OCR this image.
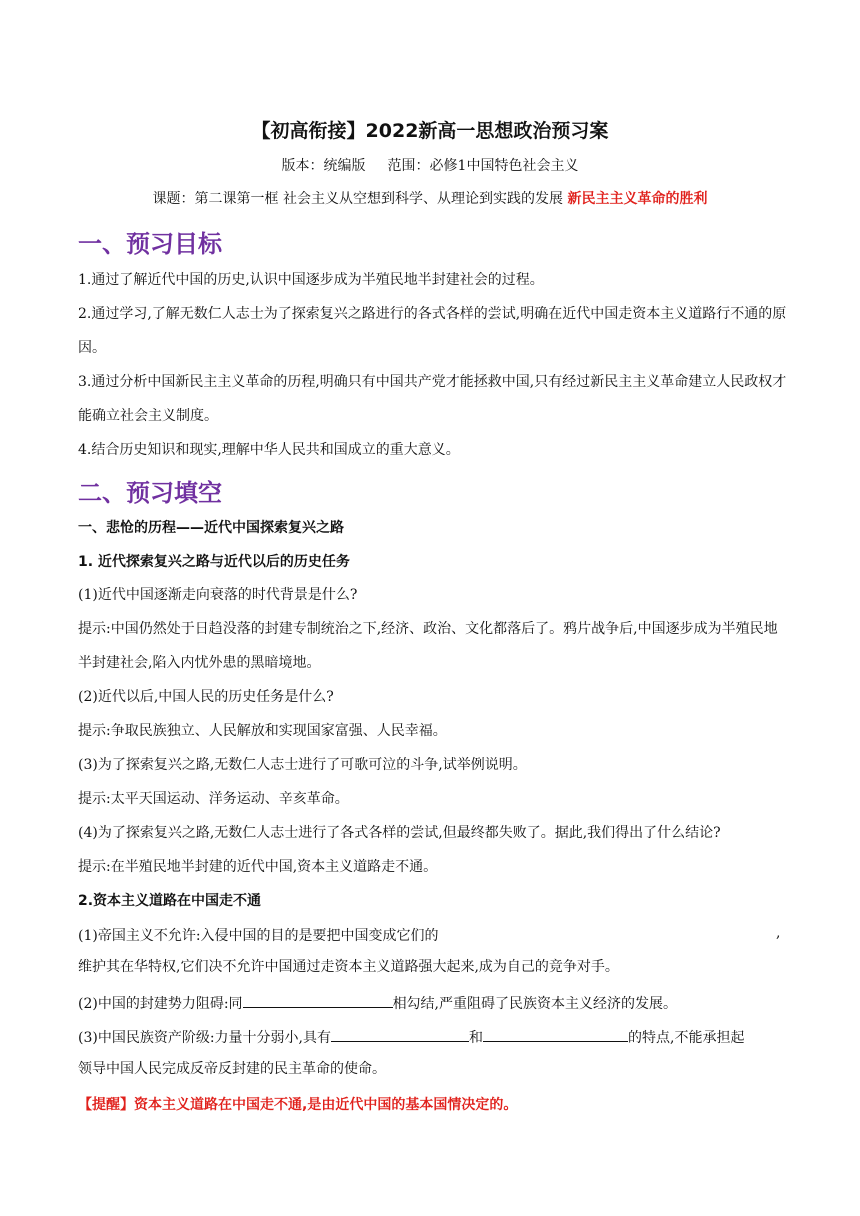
【初高衔接】2022新高一思想政治预习案
版本：统编版 范围：必修1中国特色社会主义
课题：第二课第一框 社会主义从空想到科学、从理论到实践的发展 新民主主义革命的胜利
一、预习目标

1.通过了解近代中国的历史,认识中国逐步成为半殖民地半封建社会的过程。

2.通过学习,了解无数仁人志士为了探索复兴之路进行的各式各样的尝试,明确在近代中国走资本主义道路行不通的原因。

3.通过分析中国新民主主义革命的历程,明确只有中国共产党才能拯救中国,只有经过新民主主义革命建立人民政权才能确立社会主义制度。

4.结合历史知识和现实,理解中华人民共和国成立的重大意义。

二、预习填空

一、悲怆的历程——近代中国探索复兴之路

1. 近代探索复兴之路与近代以后的历史任务

(1)近代中国逐渐走向衰落的时代背景是什么?

提示:中国仍然处于日趋没落的封建专制统治之下,经济、政治、文化都落后了。鸦片战争后,中国逐步成为半殖民地半封建社会,陷入内忧外患的黑暗境地。

(2)近代以后,中国人民的历史任务是什么?

提示:争取民族独立、人民解放和实现国家富强、人民幸福。

(3)为了探索复兴之路,无数仁人志士进行了可歌可泣的斗争,试举例说明。

提示:太平天国运动、洋务运动、辛亥革命。

(4)为了探索复兴之路,无数仁人志士进行了各式各样的尝试,但最终都失败了。据此,我们得出了什么结论?

提示:在半殖民地半封建的近代中国,资本主义道路走不通。

2.资本主义道路在中国走不通

(1)帝国主义不允许:入侵中国的目的是要把中国变成它们的	,

维护其在华特权,它们决不允许中国通过走资本主义道路强大起来,成为自己的竞争对手。

(2)中国的封建势力阻碍:同	相勾结,严重阻碍了民族资本主义经济的发展。
(3)中国民族资产阶级:力量十分弱小,具有	和	的特点,不能承担起

领导中国人民完成反帝反封建的民主革命的使命。

【提醒】资本主义道路在中国走不通,是由近代中国的基本国情决定的。
